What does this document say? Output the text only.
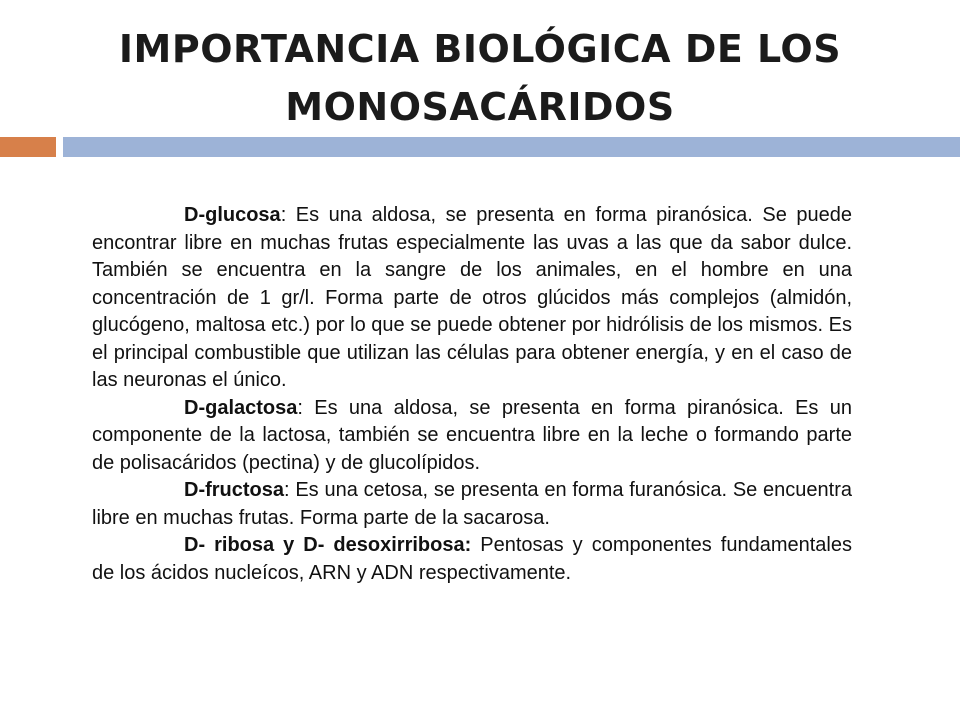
IMPORTANCIA BIOLÓGICA DE LOS
MONOSACÁRIDOS

D-glucosa: Es una aldosa, se presenta en forma piranósica. Se puede encontrar libre en muchas frutas especialmente las uvas a las que da sabor dulce. También se encuentra en la sangre de los animales, en el hombre en una concentración de 1 gr/l. Forma parte de otros glúcidos más complejos (almidón, glucógeno, maltosa etc.) por lo que se puede obtener por hidrólisis de los mismos. Es el principal combustible que utilizan las células para obtener energía, y en el caso de las neuronas el único.

D-galactosa: Es una aldosa, se presenta en forma piranósica. Es un componente de la lactosa, también se encuentra libre en la leche o formando parte de polisacáridos (pectina) y de glucolípidos.

D-fructosa: Es una cetosa, se presenta en forma furanósica. Se encuentra libre en muchas frutas. Forma parte de la sacarosa.

D- ribosa y D- desoxirribosa: Pentosas y componentes fundamentales de los ácidos nucleícos, ARN y ADN respectivamente.
